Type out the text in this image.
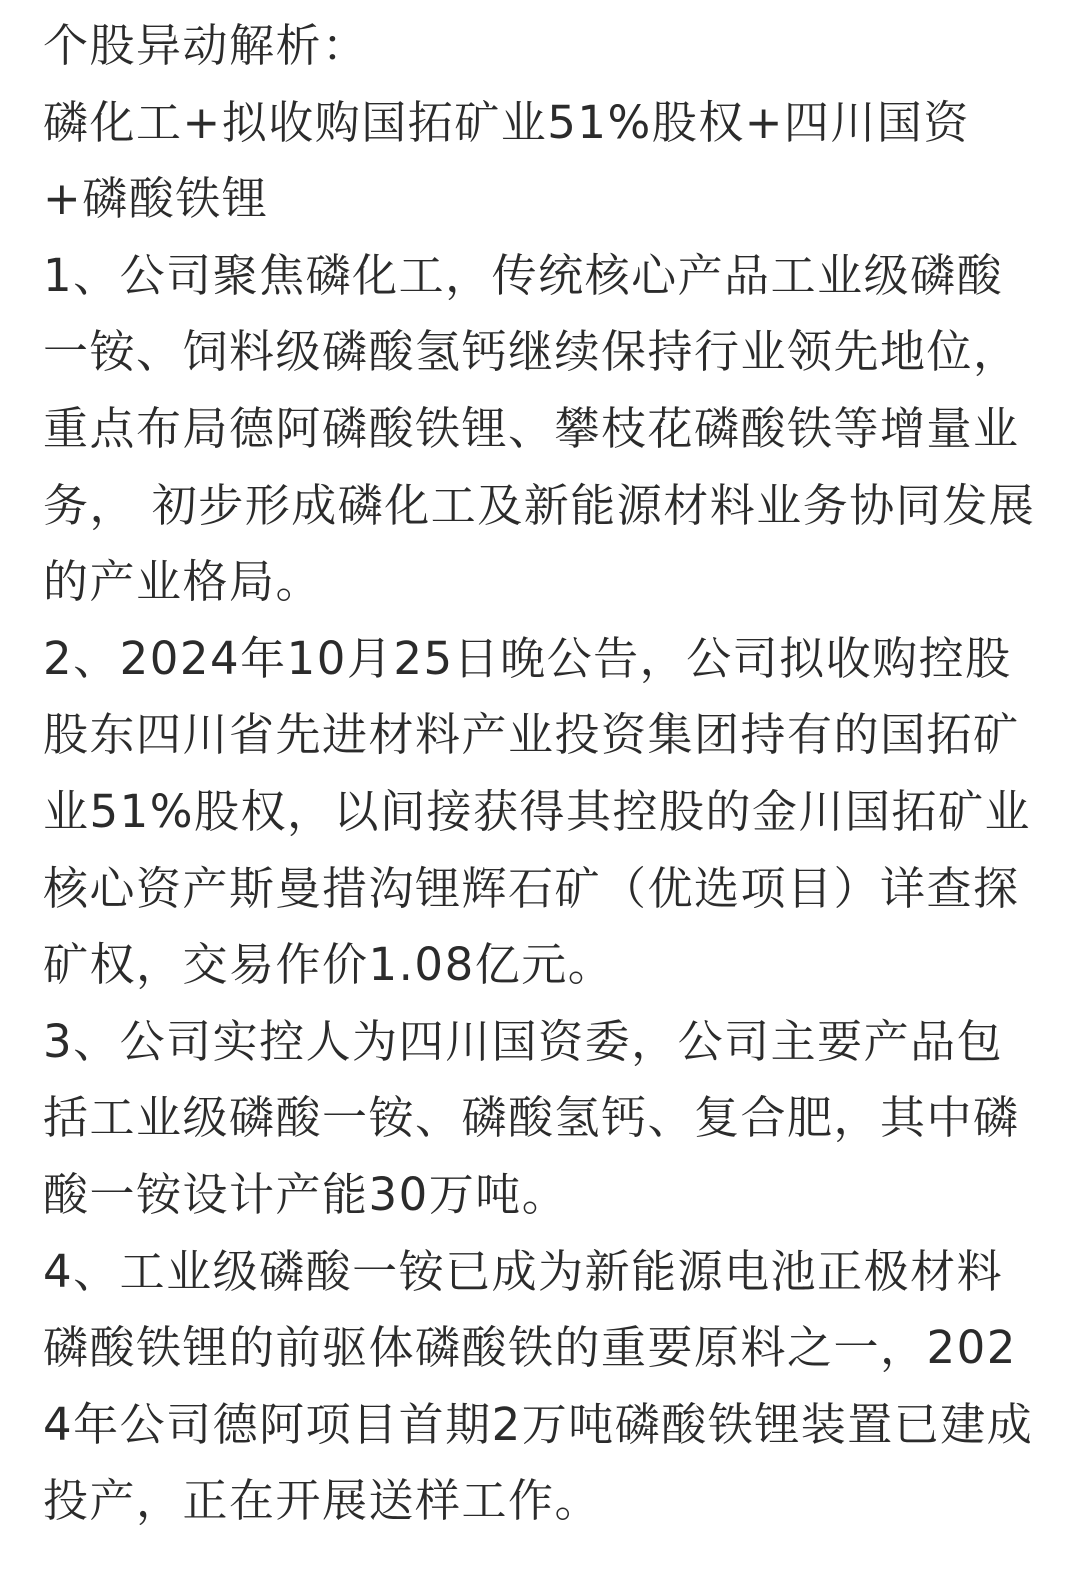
个股异动解析：

磷化工+拟收购国拓矿业51%股权+四川国资+磷酸铁锂

1、公司聚焦磷化工，传统核心产品工业级磷酸一铵、饲料级磷酸氢钙继续保持行业领先地位，重点布局德阿磷酸铁锂、攀枝花磷酸铁等增量业务， 初步形成磷化工及新能源材料业务协同发展的产业格局。

2、2024年10月25日晚公告，公司拟收购控股股东四川省先进材料产业投资集团持有的国拓矿业51%股权，以间接获得其控股的金川国拓矿业核心资产斯曼措沟锂辉石矿（优选项目）详查探矿权，交易作价1.08亿元。

3、公司实控人为四川国资委，公司主要产品包括工业级磷酸一铵、磷酸氢钙、复合肥，其中磷酸一铵设计产能30万吨。

4、工业级磷酸一铵已成为新能源电池正极材料磷酸铁锂的前驱体磷酸铁的重要原料之一，2024年公司德阿项目首期2万吨磷酸铁锂装置已建成投产，正在开展送样工作。
